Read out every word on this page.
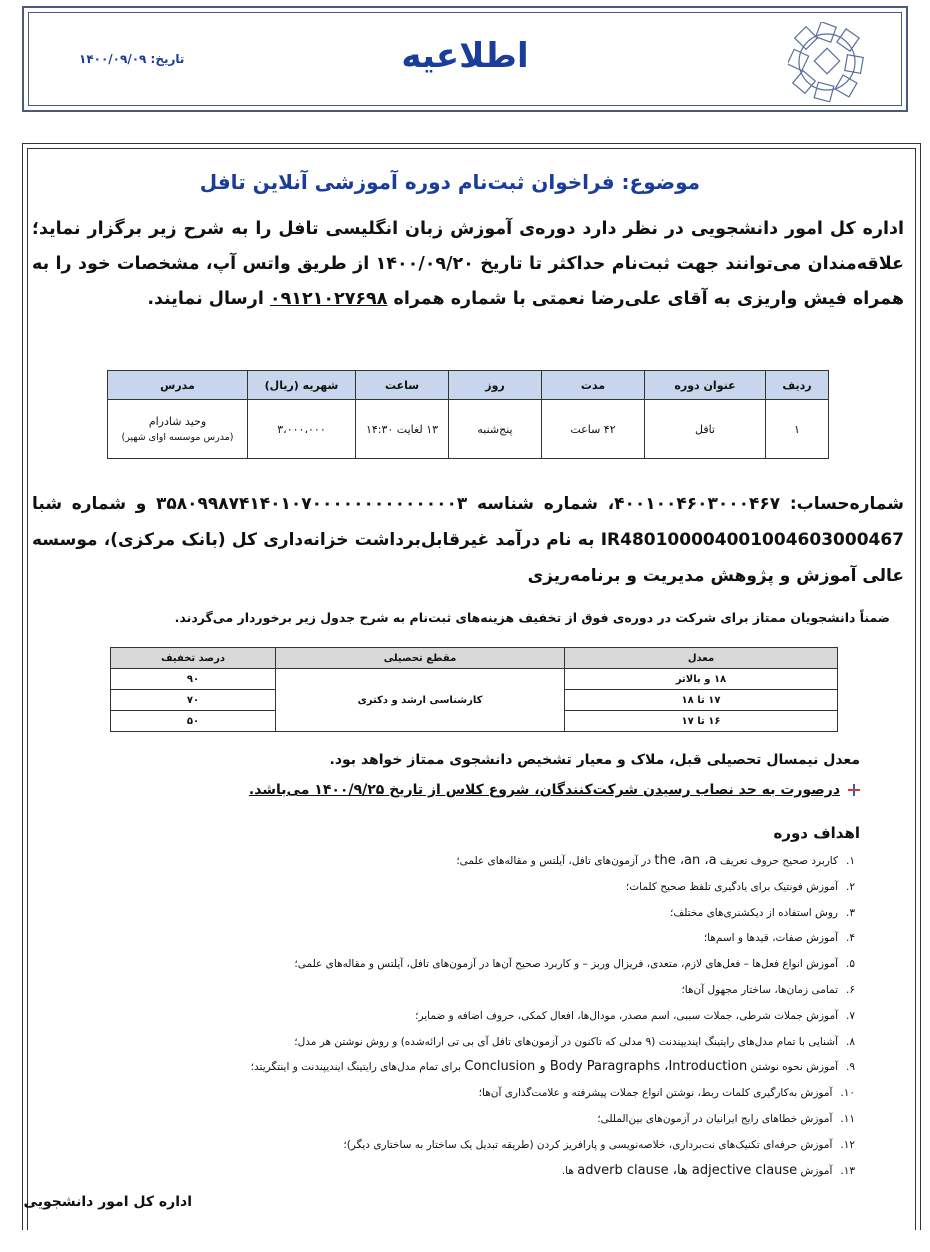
اطلاعیه
تاریخ: ۱۴۰۰/۰۹/۰۹
موضوع: فراخوان ثبت‌نام دوره آموزشی آنلاین تافل
اداره کل امور دانشجویی در نظر دارد دوره‌ی آموزش زبان انگلیسی تافل را به شرح زیر برگزار نماید؛ علاقه‌مندان می‌توانند جهت ثبت‌نام حداکثر تا تاریخ ۱۴۰۰/۰۹/۲۰ از طریق واتس آپ، مشخصات خود را به همراه فیش واریزی به آقای علی‌رضا نعمتی با شماره همراه ۰۹۱۲۱۰۲۷۶۹۸ ارسال نمایند.
ردیف	عنوان دوره	مدت	روز	ساعت	شهریه (ریال)	مدرس
۱	تافل	۴۲ ساعت	پنج‌شنبه	۱۳ لغایت ۱۴:۳۰	۳،۰۰۰،۰۰۰	وحید شادرام
(مدرس موسسه اوای شهپر)
شماره‌حساب: ۴۰۰۱۰۰۴۶۰۳۰۰۰۴۶۷، شماره شناسه ۳۵۸۰۹۹۸۷۴۱۴۰۱۰۷۰۰۰۰۰۰۰۰۰۰۰۰۰۰۳ و شماره شبا IR480100004001004603000467 به نام درآمد غیرقابل‌برداشت خزانه‌داری کل (بانک مرکزی)، موسسه عالی آموزش و پژوهش مدیریت و برنامه‌ریزی
ضمناً دانشجویان ممتاز برای شرکت در دوره‌ی فوق از تخفیف هزینه‌های ثبت‌نام به شرح جدول زیر برخوردار می‌گردند.
معدل	مقطع تحصیلی	درصد تخفیف
۱۸ و بالاتر	کارشناسی ارشد و دکتری	۹۰
۱۷ تا ۱۸		۷۰
۱۶ تا ۱۷		۵۰
معدل نیمسال تحصیلی قبل، ملاک و معیار تشخیص دانشجوی ممتاز خواهد بود.
درصورت به حد نصاب رسیدن شرکت‌کنندگان، شروع کلاس از تاریخ ۱۴۰۰/۹/۲۵ می‌باشد.
اهداف دوره
۱.کاربرد صحیح حروف تعریف the ،an ،a در آزمون‌های تافل، آیلتس و مقاله‌های علمی؛
۲.آموزش فونتیک برای یادگیری تلفظ صحیح کلمات؛
۳.روش استفاده از دیکشنری‌های مختلف؛
۴.آموزش صفات، قیدها و اسم‌ها؛
۵.آموزش انواع فعل‌ها – فعل‌های لازم، متعدی، فریزال وربز – و کاربرد صحیح آن‌ها در آزمون‌های تافل، آیلتس و مقاله‌های علمی؛
۶.تمامی زمان‌ها، ساختار مجهول آن‌ها؛
۷.آموزش جملات شرطی، جملات سببی، اسم مصدر، مودال‌ها، افعال کمکی، حروف اضافه و ضمایر؛
۸.آشنایی با تمام مدل‌های رایتینگ ایندیپندنت (۹ مدلی که تاکنون در آزمون‌های تافل آی بی تی ارائه‌شده) و روش نوشتن هر مدل؛
۹.آموزش نحوه نوشتن Body Paragraphs ،Introduction و Conclusion برای تمام مدل‌های رایتینگ ایندیپندنت و اینتگریتد؛
۱۰.آموزش به‌کارگیری کلمات ربط، نوشتن انواع جملات پیشرفته و علامت‌گذاری آن‌ها؛
۱۱.آموزش خطاهای رایج ایرانیان در آزمون‌های بین‌المللی؛
۱۲.آموزش حرفه‌ای تکنیک‌های نت‌برداری، خلاصه‌نویسی و پارافریز کردن (طریقه تبدیل یک ساختار به ساختاری دیگر)؛
۱۳.آموزش adjective clause ها، adverb clause ها.
اداره کل امور دانشجویی
